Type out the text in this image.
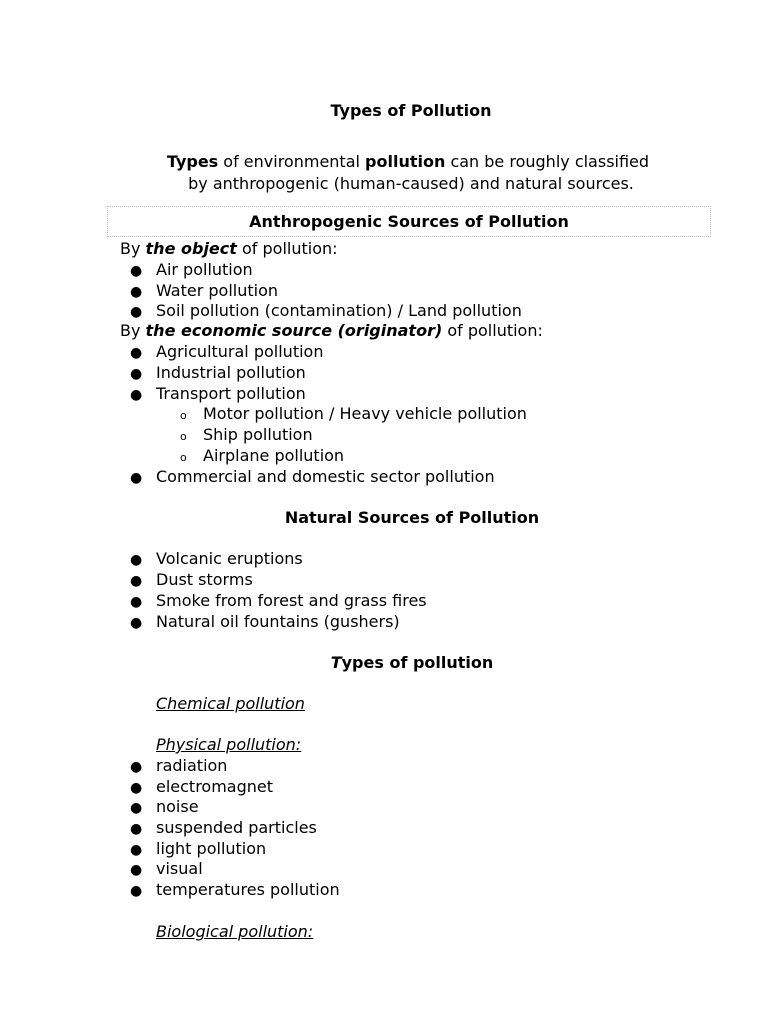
Types of Pollution
Types of environmental pollution can be roughly classified
by anthropogenic (human-caused) and natural sources.
Anthropogenic Sources of Pollution
By the object of pollution:
● Air pollution
● Water pollution
● Soil pollution (contamination) / Land pollution
By the economic source (originator) of pollution:
● Agricultural pollution
● Industrial pollution
● Transport pollution
o Motor pollution / Heavy vehicle pollution
o Ship pollution
o Airplane pollution
● Commercial and domestic sector pollution
Natural Sources of Pollution
● Volcanic eruptions
● Dust storms
● Smoke from forest and grass fires
● Natural oil fountains (gushers)
Types of pollution
Chemical pollution
Physical pollution:
● radiation
● electromagnet
● noise
● suspended particles
● light pollution
● visual
● temperatures pollution
Biological pollution:
